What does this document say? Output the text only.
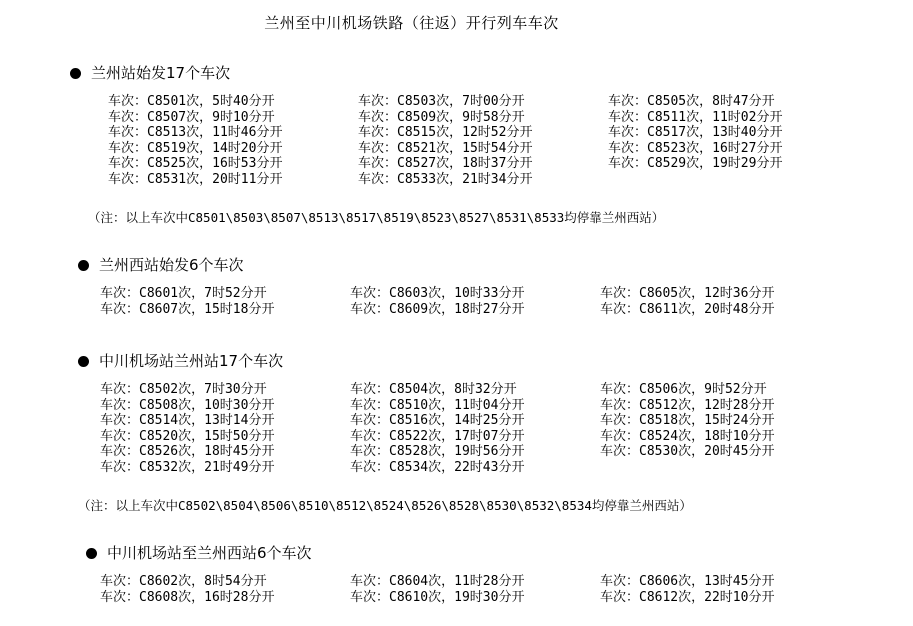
兰州至中川机场铁路（往返）开行列车车次
兰州站始发17个车次
车次：C8501次，5时40分开	车次：C8503次，7时00分开	车次：C8505次，8时47分开
车次：C8507次，9时10分开	车次：C8509次，9时58分开	车次：C8511次，11时02分开
车次：C8513次，11时46分开	车次：C8515次，12时52分开	车次：C8517次，13时40分开
车次：C8519次，14时20分开	车次：C8521次，15时54分开	车次：C8523次，16时27分开
车次：C8525次，16时53分开	车次：C8527次，18时37分开	车次：C8529次，19时29分开
车次：C8531次，20时11分开	车次：C8533次，21时34分开
（注：以上车次中C8501\8503\8507\8513\8517\8519\8523\8527\8531\8533均停靠兰州西站）
兰州西站始发6个车次
车次：C8601次，7时52分开	车次：C8603次，10时33分开	车次：C8605次，12时36分开
车次：C8607次，15时18分开	车次：C8609次，18时27分开	车次：C8611次，20时48分开
中川机场站兰州站17个车次
车次：C8502次，7时30分开	车次：C8504次，8时32分开	车次：C8506次，9时52分开
车次：C8508次，10时30分开	车次：C8510次，11时04分开	车次：C8512次，12时28分开
车次：C8514次，13时14分开	车次：C8516次，14时25分开	车次：C8518次，15时24分开
车次：C8520次，15时50分开	车次：C8522次，17时07分开	车次：C8524次，18时10分开
车次：C8526次，18时45分开	车次：C8528次，19时56分开	车次：C8530次，20时45分开
车次：C8532次，21时49分开	车次：C8534次，22时43分开
（注：以上车次中C8502\8504\8506\8510\8512\8524\8526\8528\8530\8532\8534均停靠兰州西站）
中川机场站至兰州西站6个车次
车次：C8602次，8时54分开	车次：C8604次，11时28分开	车次：C8606次，13时45分开
车次：C8608次，16时28分开	车次：C8610次，19时30分开	车次：C8612次，22时10分开
